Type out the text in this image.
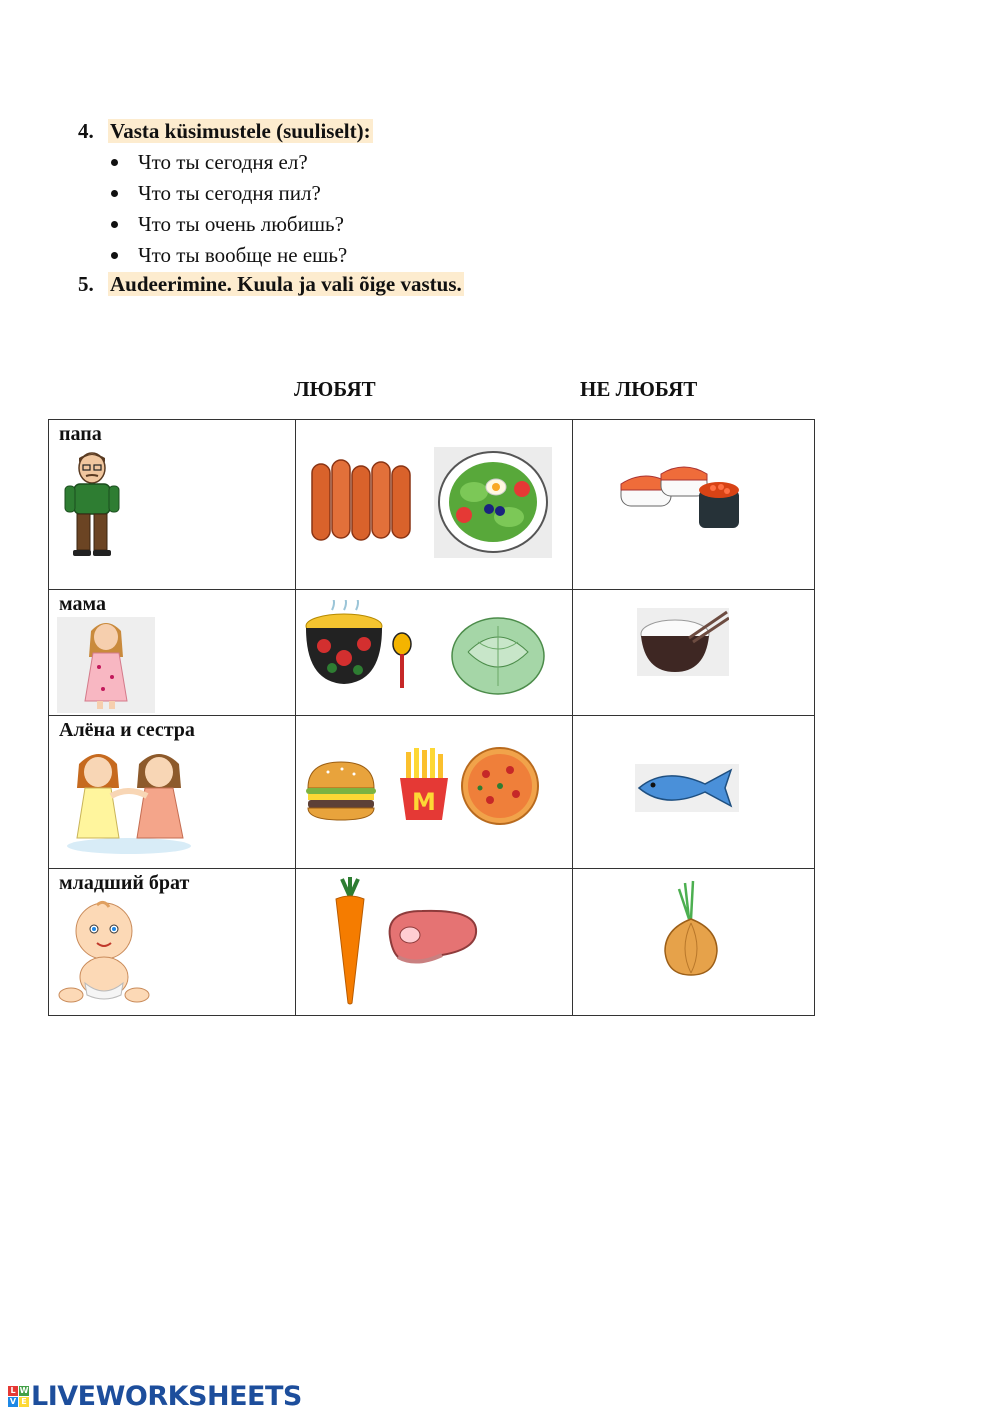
4. Vasta küsimustele (suuliselt):
Что ты сегодня ел?
Что ты сегодня пил?
Что ты очень любишь?
Что ты вообще не ешь?
5. Audeerimine. Kuula ja vali õige vastus.
ЛЮБЯТ	НЕ ЛЮБЯТ
папа

мама

Алёна и сестра	M

младший брат

L W
V E LIVEWORKSHEETS
